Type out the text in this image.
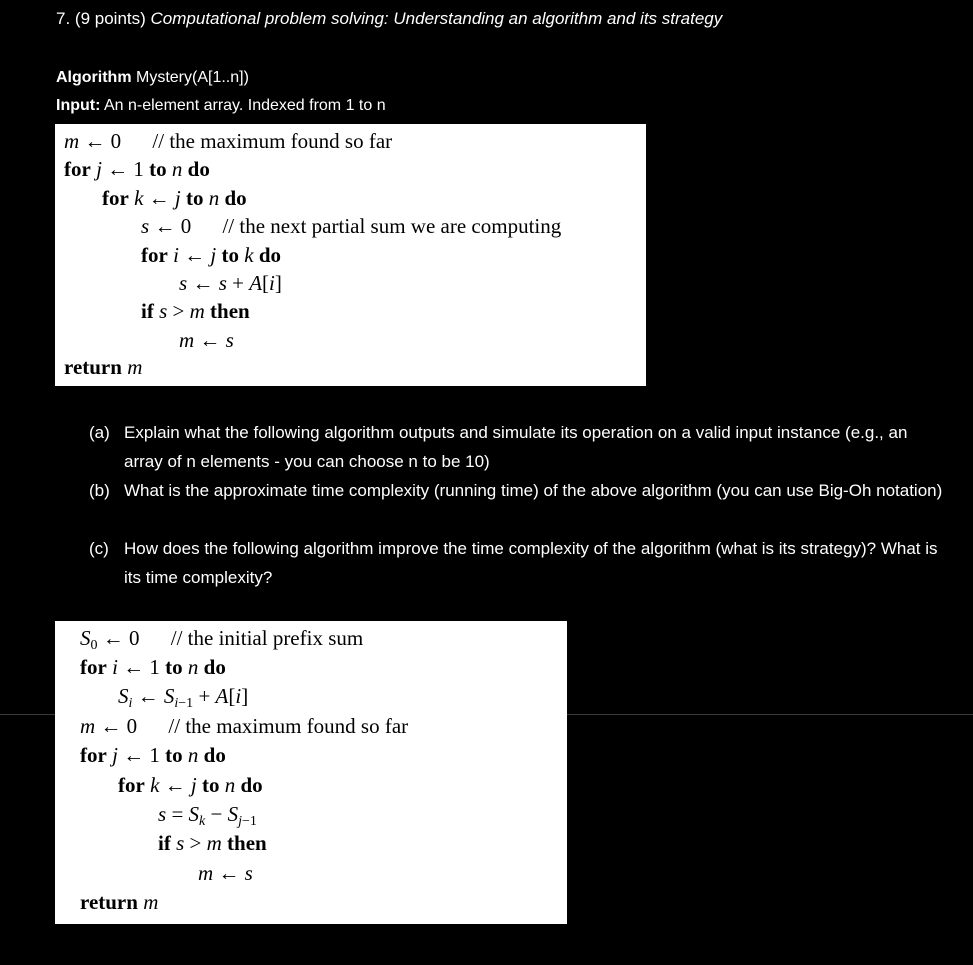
7. (9 points) Computational problem solving: Understanding an algorithm and its strategy
Algorithm Mystery(A[1..n])
Input: An n-element array. Indexed from 1 to n
m ← 0 // the maximum found so far
for j ← 1 to n do
for k ← j to n do
s ← 0 // the next partial sum we are computing
for i ← j to k do
s ← s + A[i]
if s > m then
m ← s
return m
(a) Explain what the following algorithm outputs and simulate its operation on a valid input instance (e.g., an array of n elements - you can choose n to be 10)
(b) What is the approximate time complexity (running time) of the above algorithm (you can use Big-Oh notation)
(c) How does the following algorithm improve the time complexity of the algorithm (what is its strategy)? What is its time complexity?
$S_0$ ← 0 // the initial prefix sum
for i ← 1 to n do
$S_i$ ← $S_{i-1} + A[i]$
m ← 0 // the maximum found so far
for j ← 1 to n do
for k ← j to n do
$s = S_k - S_{j-1}$
if s > m then
m ← s
return m
